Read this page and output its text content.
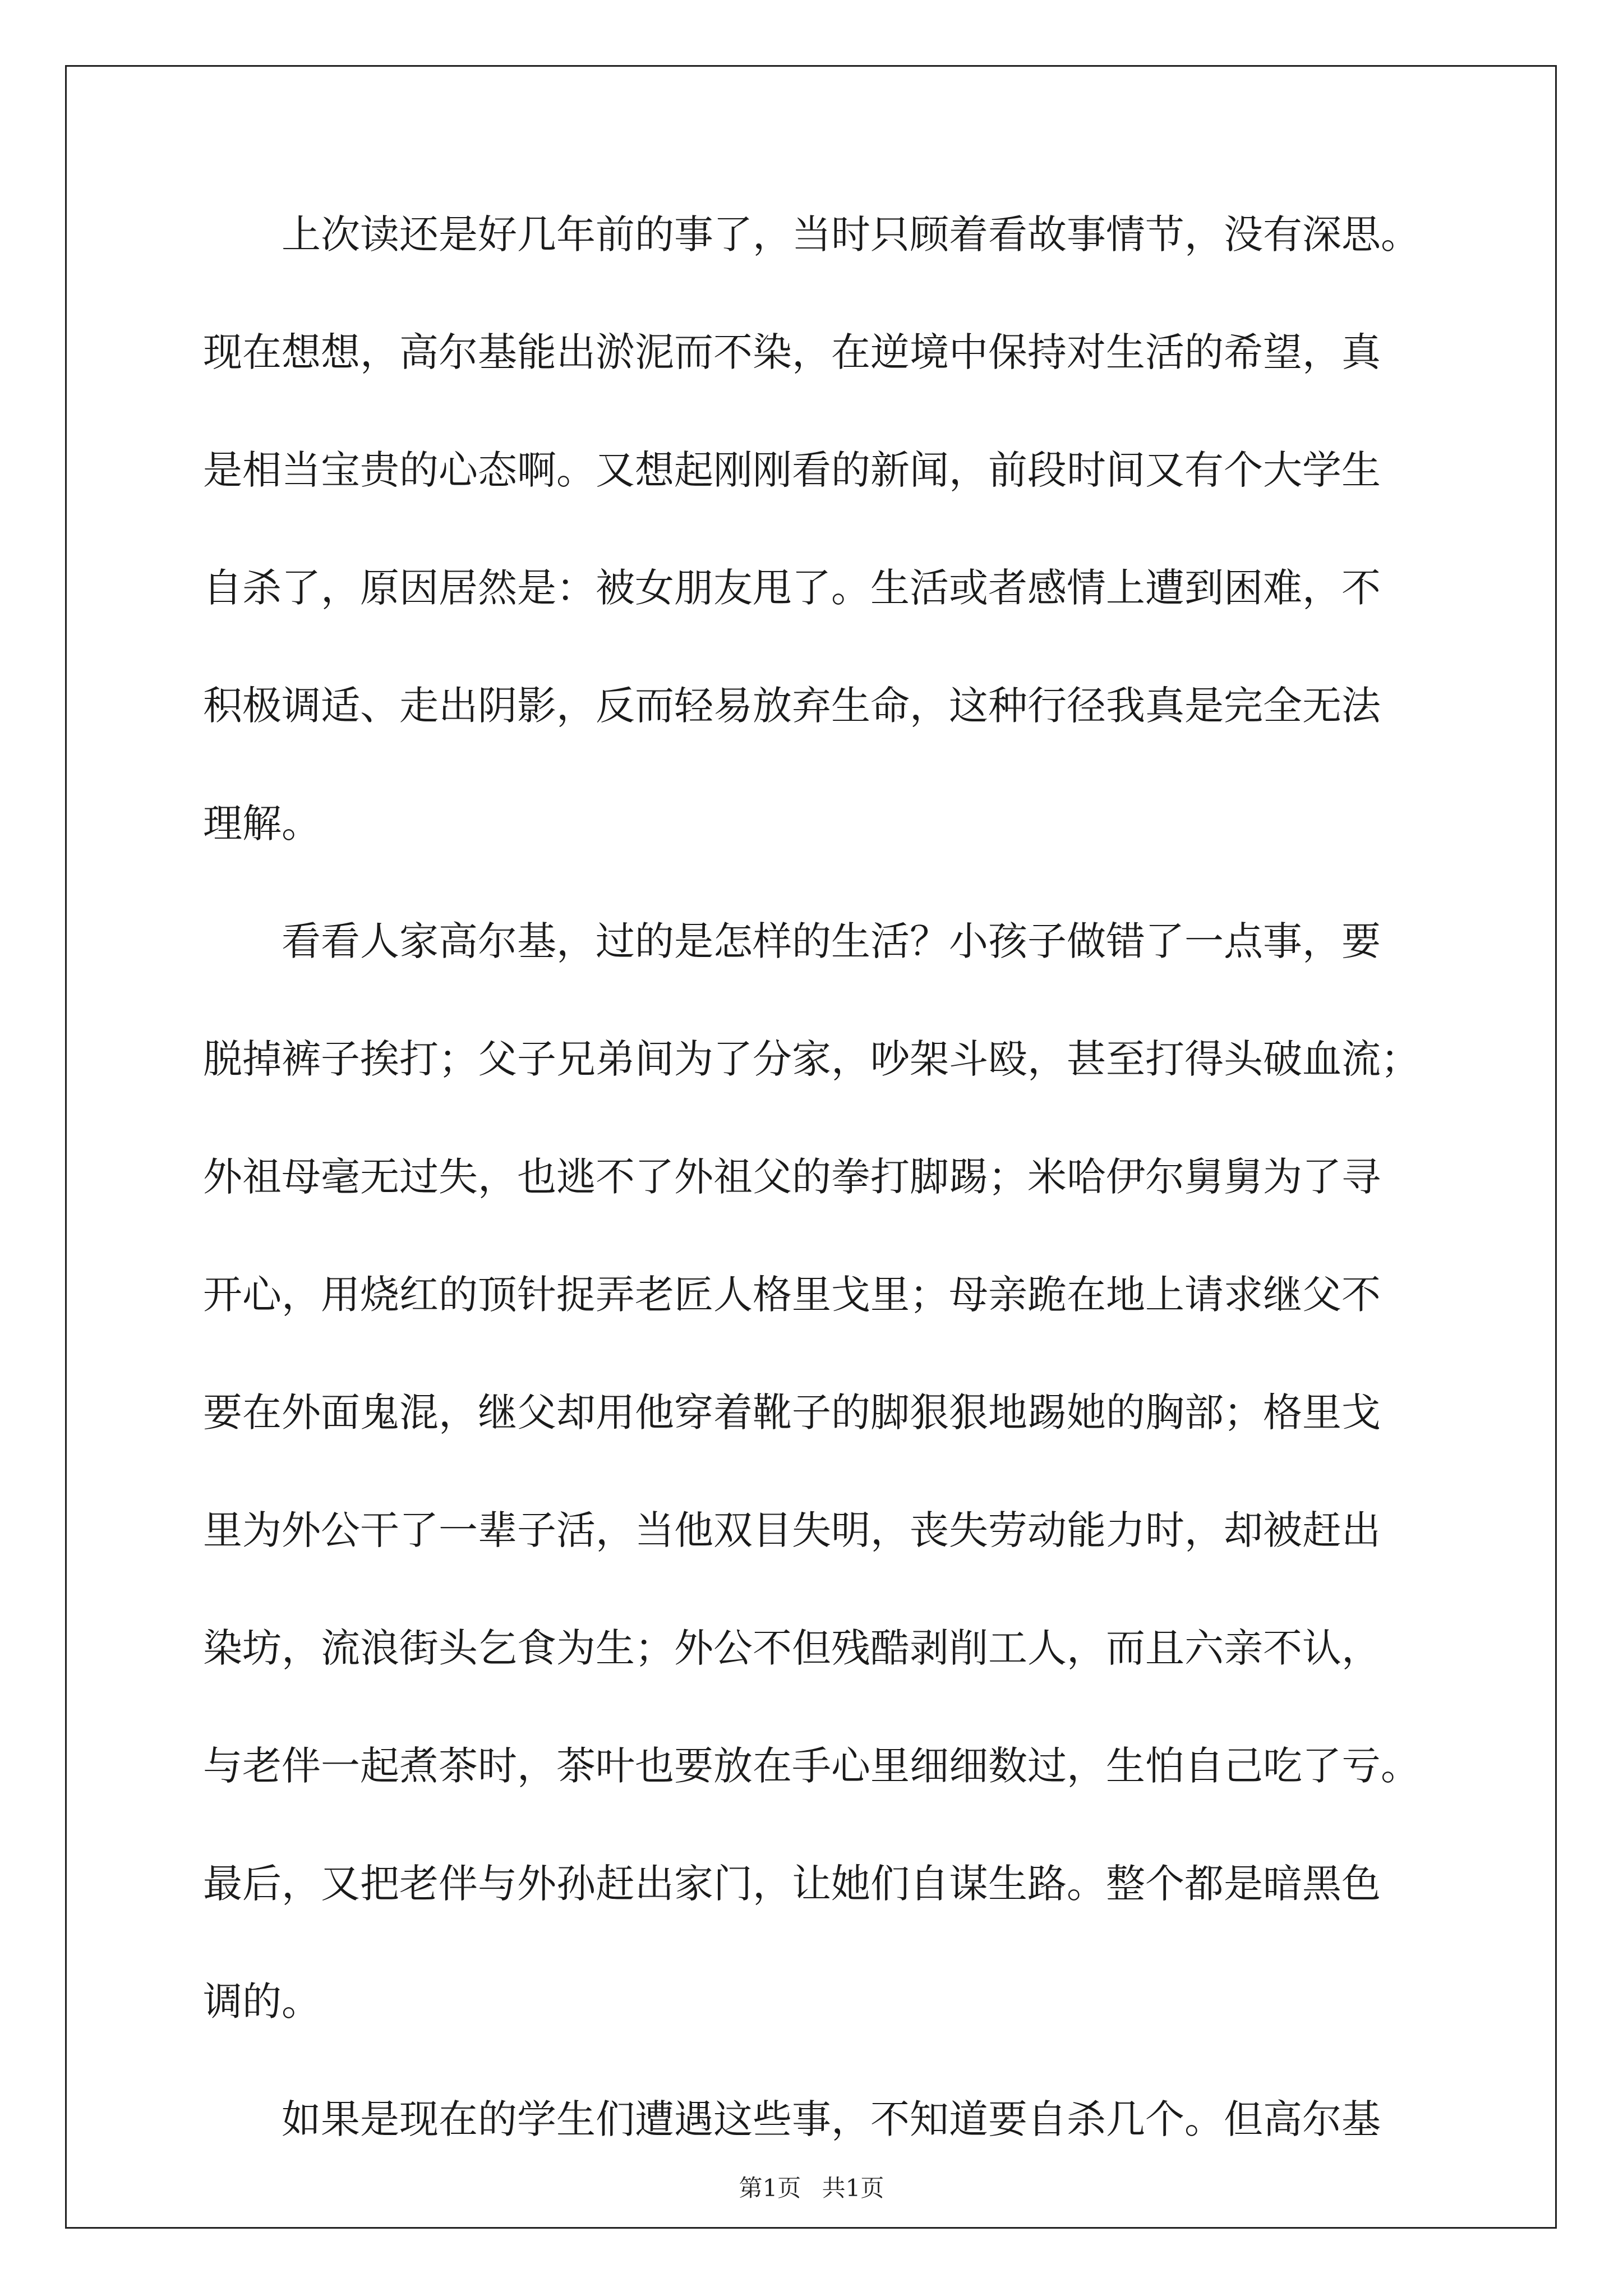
上次读还是好几年前的事了，当时只顾着看故事情节，没有深思。
现在想想，高尔基能出淤泥而不染，在逆境中保持对生活的希望，真
是相当宝贵的心态啊。又想起刚刚看的新闻，前段时间又有个大学生
自杀了，原因居然是：被女朋友甩了。生活或者感情上遭到困难，不
积极调适、走出阴影，反而轻易放弃生命，这种行径我真是完全无法
理解。
看看人家高尔基，过的是怎样的生活？小孩子做错了一点事，要
脱掉裤子挨打；父子兄弟间为了分家，吵架斗殴，甚至打得头破血流；
外祖母毫无过失，也逃不了外祖父的拳打脚踢；米哈伊尔舅舅为了寻
开心，用烧红的顶针捉弄老匠人格里戈里；母亲跪在地上请求继父不
要在外面鬼混，继父却用他穿着靴子的脚狠狠地踢她的胸部；格里戈
里为外公干了一辈子活，当他双目失明，丧失劳动能力时，却被赶出
染坊，流浪街头乞食为生；外公不但残酷剥削工人，而且六亲不认，
与老伴一起煮茶时，茶叶也要放在手心里细细数过，生怕自己吃了亏。
最后，又把老伴与外孙赶出家门，让她们自谋生路。整个都是暗黑色
调的。
如果是现在的学生们遭遇这些事，不知道要自杀几个。但高尔基
第1页 共1页
